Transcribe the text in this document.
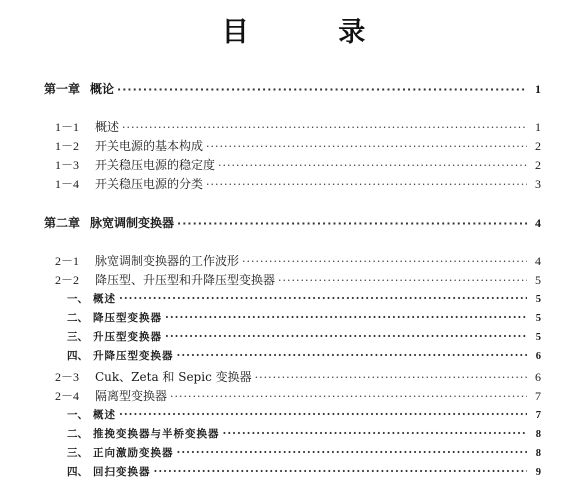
目 录
第一章 概论 ·····	1
1－1	概述 ·····	1
1－2	开关电源的基本构成 ·····	2
1－3	开关稳压电源的稳定度 ·····	2
1－4	开关稳压电源的分类 ·····	3
第二章 脉宽调制变换器 ·····	4
2－1	脉宽调制变换器的工作波形 ·····	4
2－2	降压型、升压型和升降压型变换器 ·····	5
一、 概述 ·····	5
二、 降压型变换器 ·····	5
三、 升压型变换器 ·····	5
四、 升降压型变换器 ·····	6
2－3	Cuk、Zeta 和 Sepic 变换器 ·····	6
2－4	隔离型变换器 ·····	7
一、 概述 ·····	7
二、 推挽变换器与半桥变换器 ·····	8
三、 正向激励变换器 ·····	8
四、 回扫变换器 ·····	9
